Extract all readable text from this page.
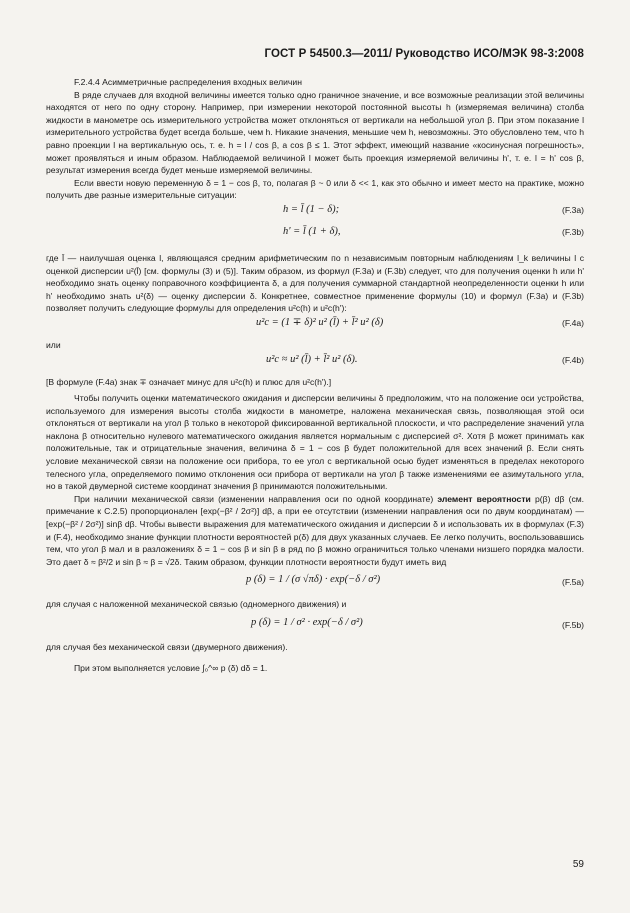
ГОСТ Р 54500.3—2011/ Руководство ИСО/МЭК 98-3:2008

F.2.4.4 Асимметричные распределения входных величин

В ряде случаев для входной величины имеется только одно граничное значение, и все возможные реализации этой величины находятся от него по одну сторону. Например, при измерении некоторой постоянной высоты h (измеряемая величина) столба жидкости в манометре ось измерительного устройства может отклоняться от вертикали на небольшой угол β. При этом показание l измерительного устройства будет всегда больше, чем h. Никакие значения, меньшие чем h, невозможны. Это обусловлено тем, что h равно проекции l на вертикальную ось, т. е. h = l / cos β, а cos β ≤ 1. Этот эффект, имеющий название «косинусная погрешность», может проявляться и иным образом. Наблюдаемой величиной l может быть проекция измеряемой величины h', т. е. l = h' cos β, результат измерения всегда будет меньше измеряемой величины.

Если ввести новую переменную δ = 1 − cos β, то, полагая β ~ 0 или δ << 1, как это обычно и имеет место на практике, можно получить две разные измерительные ситуации:

h = l̄ (1 − δ);	(F.3a)
h' = l̄ (1 + δ),	(F.3b)

где l̄ — наилучшая оценка l, являющаяся средним арифметическим по n независимым повторным наблюдениям l_k величины l с оценкой дисперсии u²(l̄) [см. формулы (3) и (5)]. Таким образом, из формул (F.3a) и (F.3b) следует, что для получения оценки h или h' необходимо знать оценку поправочного коэффициента δ, а для получения суммарной стандартной неопределенности оценки h или h' необходимо знать u²(δ) — оценку дисперсии δ. Конкретнее, совместное применение формулы (10) и формул (F.3a) и (F.3b) позволяет получить следующие формулы для определения u²c(h) и u²c(h'):

u²c = (1 ∓ δ)² u² (l̄) + l̄² u² (δ)	(F.4a)

или

u²c ≈ u² (l̄) + l̄² u² (δ).	(F.4b)

[В формуле (F.4a) знак ∓ означает минус для u²c(h) и плюс для u²c(h').]

Чтобы получить оценки математического ожидания и дисперсии величины δ предположим, что на положение оси устройства, используемого для измерения высоты столба жидкости в манометре, наложена механическая связь, позволяющая этой оси отклоняться от вертикали на угол β только в некоторой фиксированной вертикальной плоскости, и что распределение значений угла наклона β относительно нулевого математического ожидания является нормальным с дисперсией σ². Хотя β может принимать как положительные, так и отрицательные значения, величина δ = 1 − cos β будет положительной для всех значений β. Если снять условие механической связи на положение оси прибора, то ее угол с вертикальной осью будет изменяться в пределах некоторого телесного угла, определяемого помимо отклонения оси прибора от вертикали на угол β также изменениями ее азимутального угла, но в такой двумерной системе координат значения β принимаются положительными.

При наличии механической связи (изменении направления оси по одной координате) элемент вероятности p(β) dβ (см. примечание к С.2.5) пропорционален [exp(−β² / 2σ²)] dβ, а при ее отсутствии (изменении направления оси по двум координатам) — [exp(−β² / 2σ²)] sinβ dβ. Чтобы вывести выражения для математического ожидания и дисперсии δ и использовать их в формулах (F.3) и (F.4), необходимо знание функции плотности вероятностей p(δ) для двух указанных случаев. Ее легко получить, воспользовавшись тем, что угол β мал и в разложениях δ = 1 − cos β и sin β в ряд по β можно ограничиться только членами низшего порядка малости. Это дает δ ≈ β²/2 и sin β ≈ β = √2δ. Таким образом, функции плотности вероятности будут иметь вид

p (δ) = 1 / (σ √πδ) · exp(−δ / σ²)	(F.5a)

для случая с наложенной механической связью (одномерного движения) и

p (δ) = 1 / σ² · exp(−δ / σ²)	(F.5b)

для случая без механической связи (двумерного движения).

При этом выполняется условие ∫₀^∞ p (δ) dδ = 1.

59
